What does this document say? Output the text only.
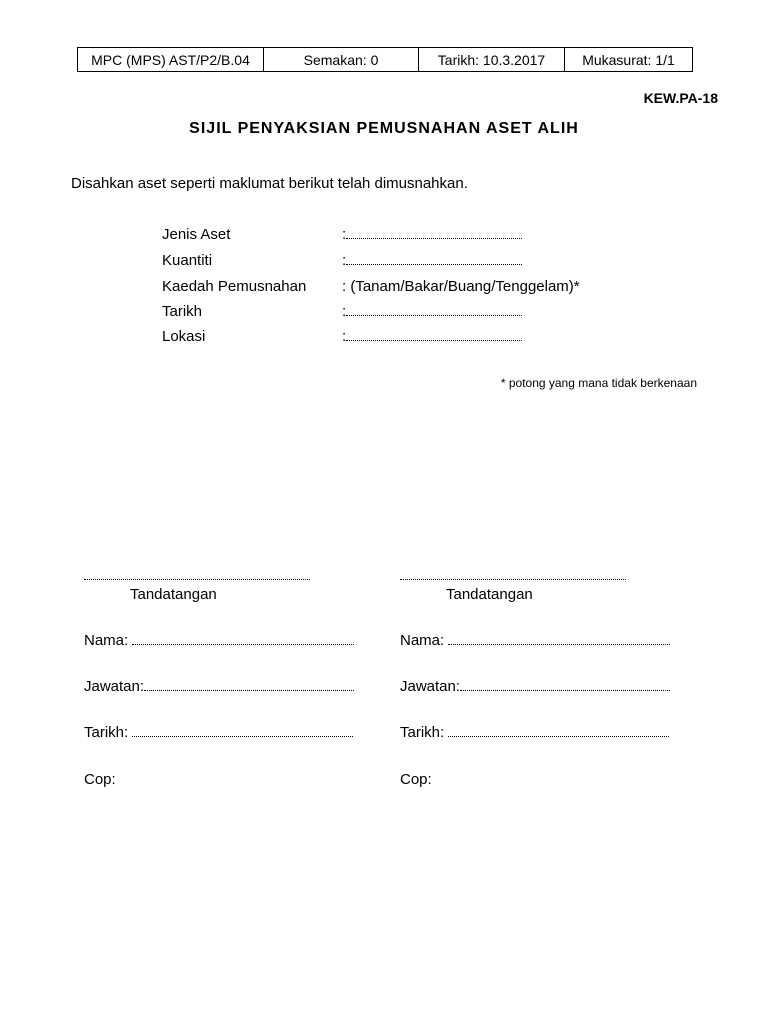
MPC (MPS) AST/P2/B.04	Semakan: 0	Tarikh: 10.3.2017	Mukasurat: 1/1
KEW.PA-18
SIJIL PENYAKSIAN PEMUSNAHAN ASET ALIH
Disahkan aset seperti maklumat berikut telah dimusnahkan.
Jenis Aset	:
Kuantiti	:
Kaedah Pemusnahan : (Tanam/Bakar/Buang/Tenggelam)*
Tarikh	:
Lokasi	:
* potong yang mana tidak berkenaan
Tandatangan
Nama:
Jawatan:
Tarikh:
Cop:
Tandatangan
Nama:
Jawatan:
Tarikh:
Cop:
